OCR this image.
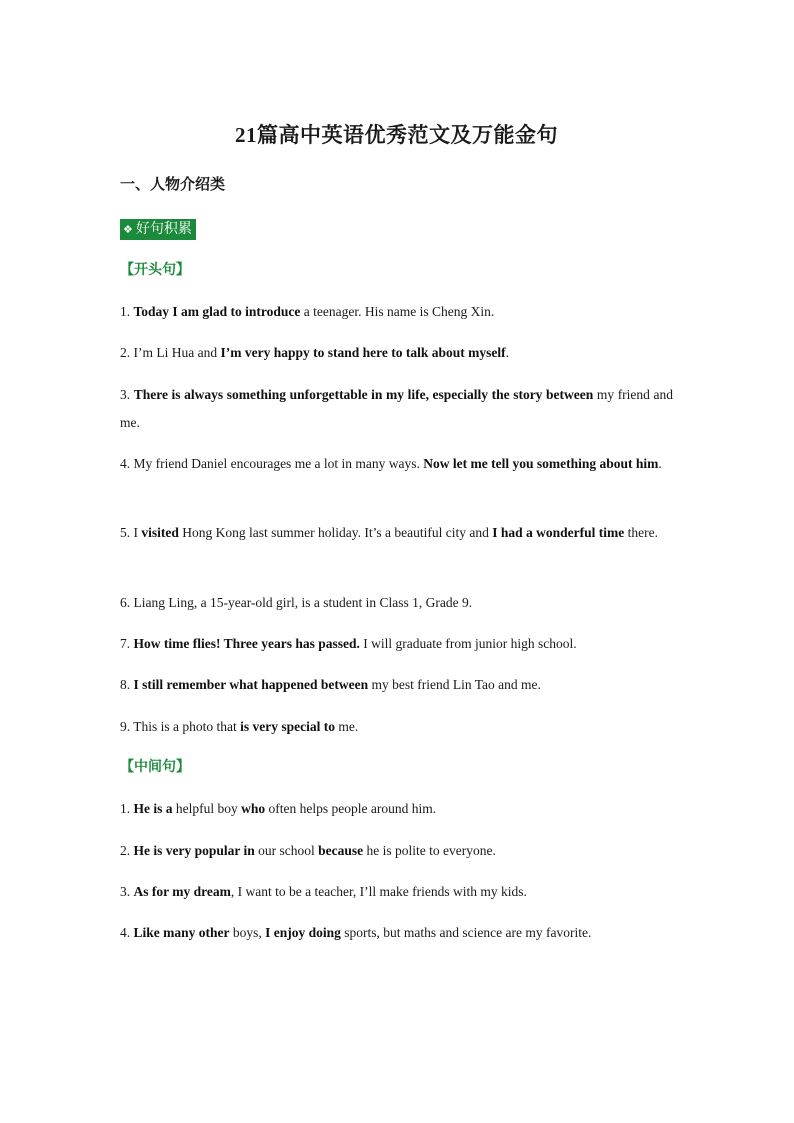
21篇高中英语优秀范文及万能金句
一、人物介绍类
❖ 好句积累
【开头句】
1. Today I am glad to introduce a teenager. His name is Cheng Xin.
2. I’m Li Hua and I’m very happy to stand here to talk about myself.
3. There is always something unforgettable in my life, especially the story between my friend and me.
4. My friend Daniel encourages me a lot in many ways. Now let me tell you something about him.
5. I visited Hong Kong last summer holiday. It’s a beautiful city and I had a wonderful time there.
6. Liang Ling, a 15-year-old girl, is a student in Class 1, Grade 9.
7. How time flies! Three years has passed. I will graduate from junior high school.
8. I still remember what happened between my best friend Lin Tao and me.
9. This is a photo that is very special to me.
【中间句】
1. He is a helpful boy who often helps people around him.
2. He is very popular in our school because he is polite to everyone.
3. As for my dream, I want to be a teacher, I’ll make friends with my kids.
4. Like many other boys, I enjoy doing sports, but maths and science are my favorite.
